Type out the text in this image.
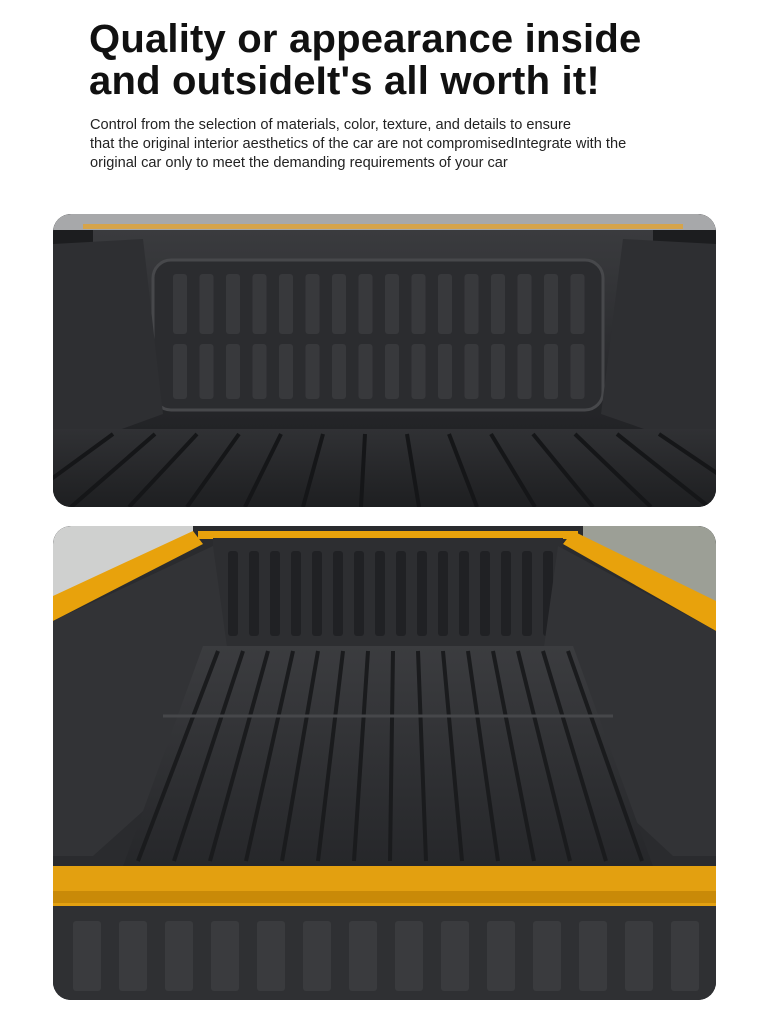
Quality or appearance inside
and outsideIt's all worth it!

Control from the selection of materials, color, texture, and details to ensure
that the original interior aesthetics of the car are not compromisedIntegrate with the
original car only to meet the demanding requirements of your car
